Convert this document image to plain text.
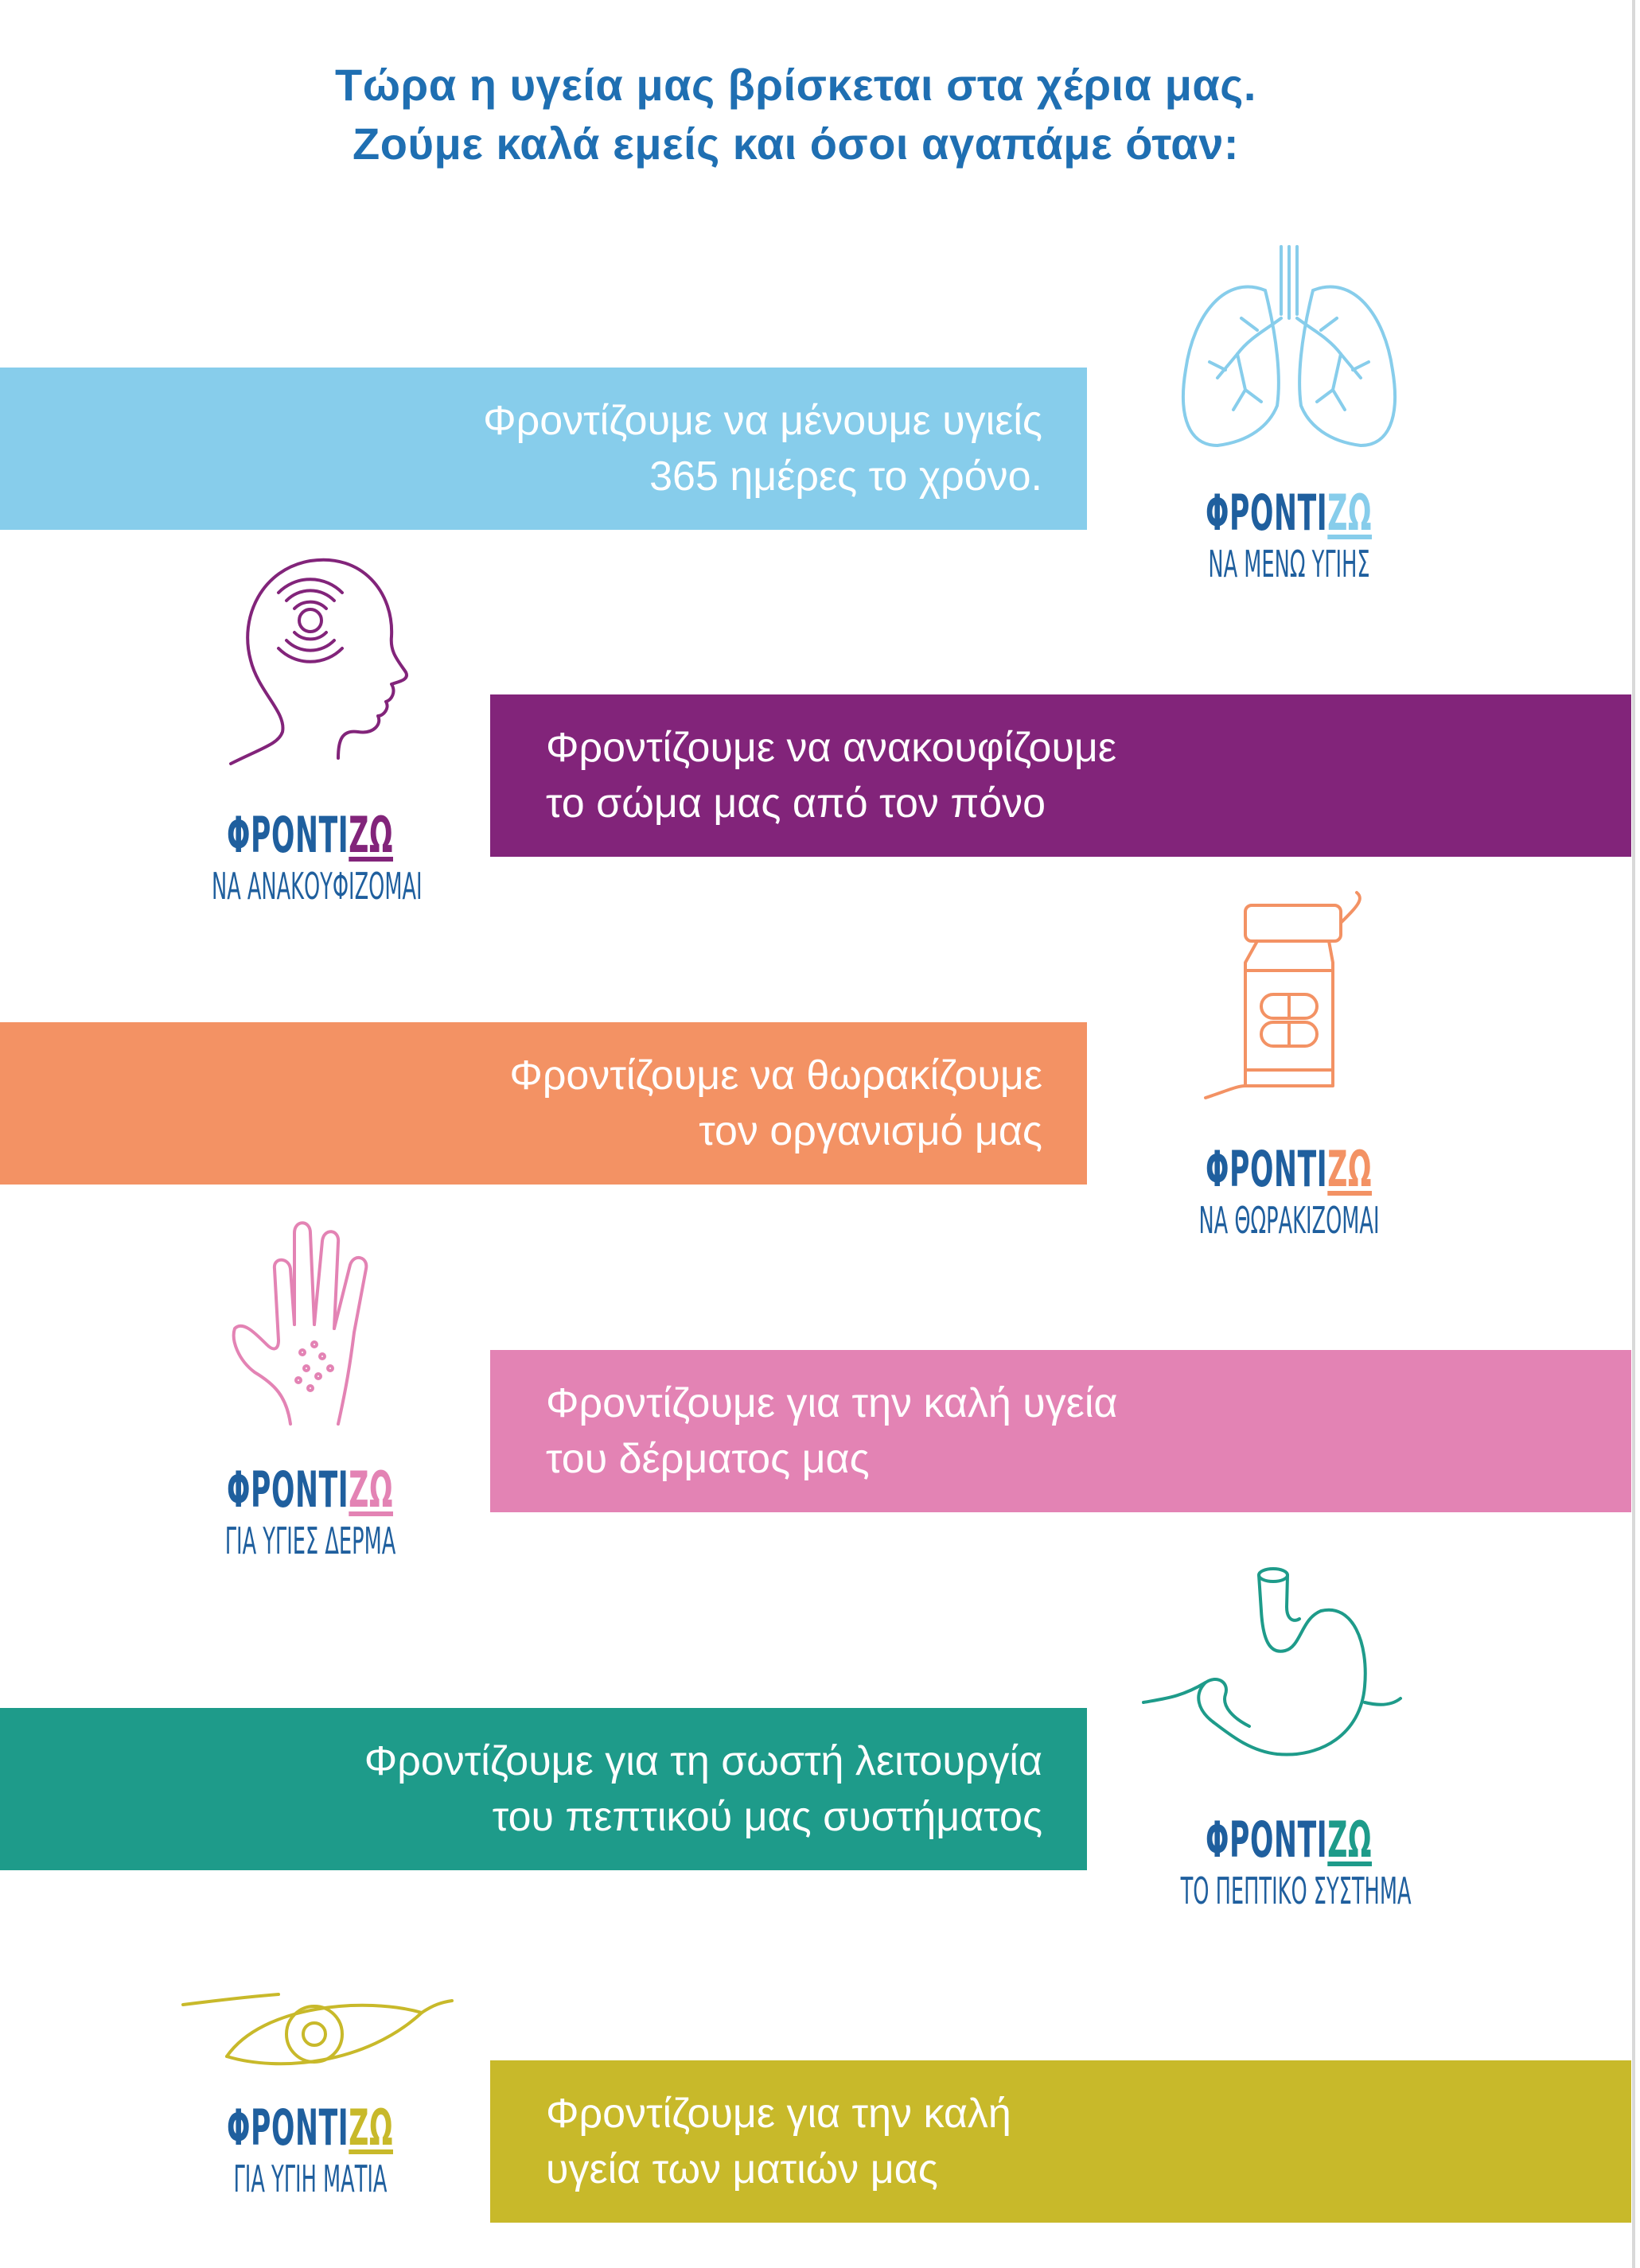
Τώρα η υγεία μας βρίσκεται στα χέρια μας.
Ζούμε καλά εμείς και όσοι αγαπάμε όταν:
Φροντίζουμε να μένουμε υγιείς
365 ημέρες το χρόνο.
ΦΡΟΝΤΙΖΩ
ΝΑ ΜΕΝΩ ΥΓΙΗΣ
ΦΡΟΝΤΙΖΩ
ΝΑ ΑΝΑΚΟΥΦΙΖΟΜΑΙ
Φροντίζουμε να ανακουφίζουμε
το σώμα μας από τον πόνο
Φροντίζουμε να θωρακίζουμε
τον οργανισμό μας
ΦΡΟΝΤΙΖΩ
ΝΑ ΘΩΡΑΚΙΖΟΜΑΙ
ΦΡΟΝΤΙΖΩ
ΓΙΑ ΥΓΙΕΣ ΔΕΡΜΑ
Φροντίζουμε για την καλή υγεία
του δέρματος μας
Φροντίζουμε για τη σωστή λειτουργία
του πεπτικού μας συστήματος	ΦΡΟΝΤΙΖΩ
ΤΟ ΠΕΠΤΙΚΟ ΣΥΣΤΗΜΑ
ΦΡΟΝΤΙΖΩ
ΓΙΑ ΥΓΙΗ ΜΑΤΙΑ
Φροντίζουμε για την καλή
υγεία των ματιών μας
